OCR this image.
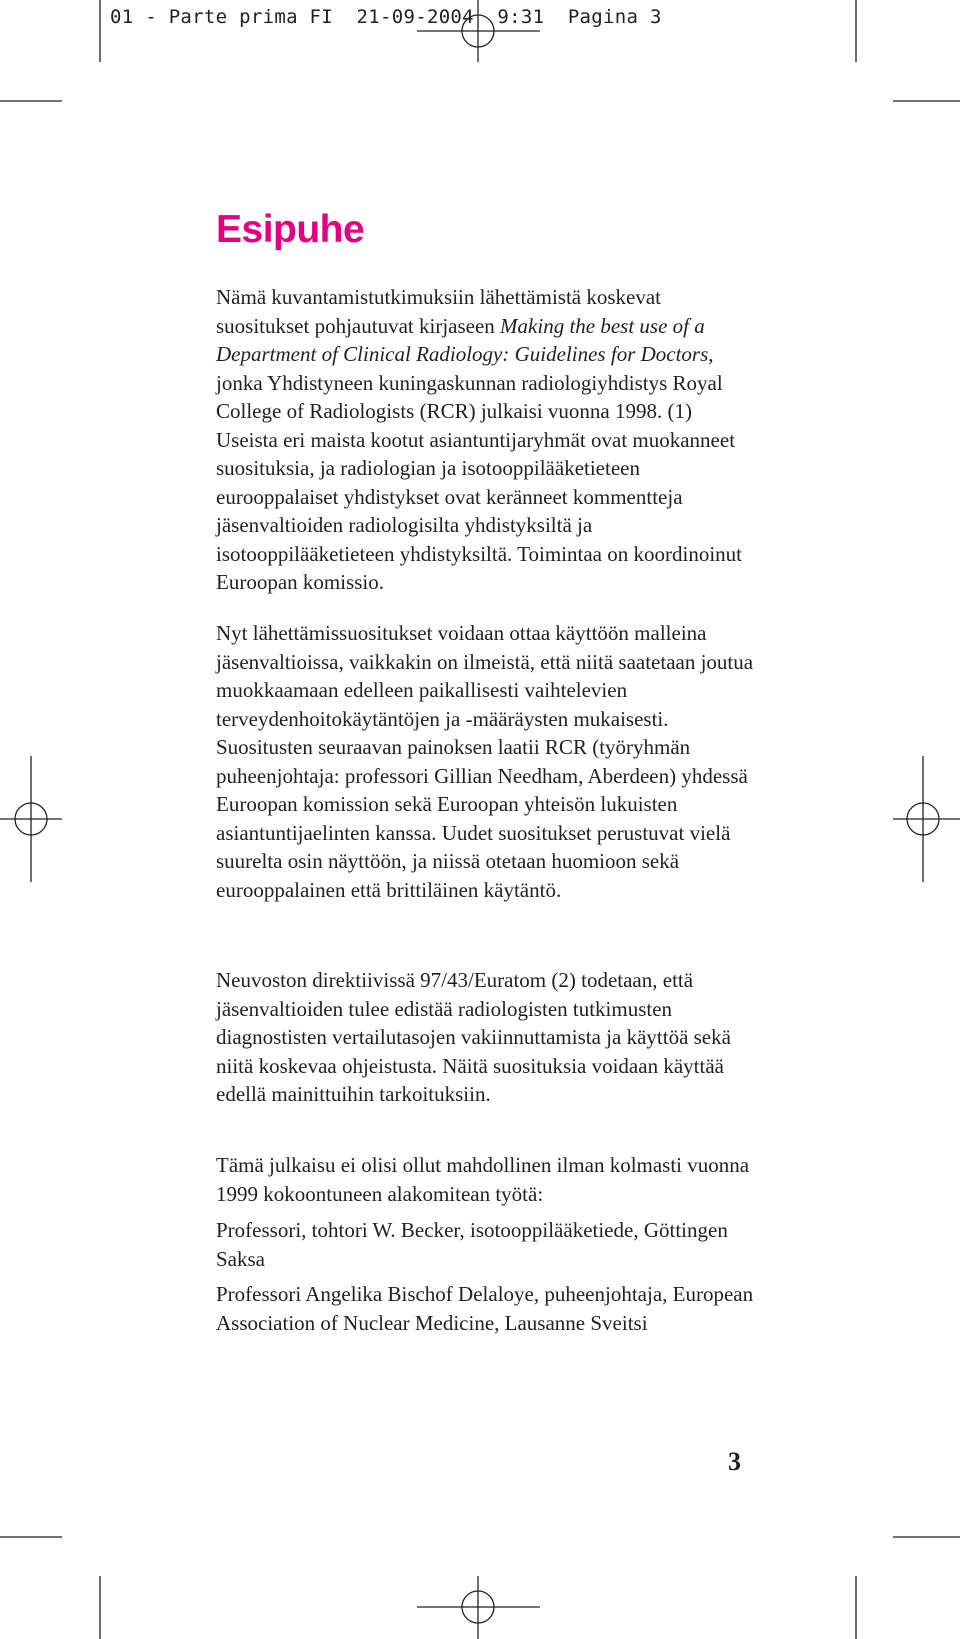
01 - Parte prima FI  21-09-2004  9:31  Pagina 3
Esipuhe

Nämä kuvantamistutkimuksiin lähettämistä koskevat suositukset pohjautuvat kirjaseen Making the best use of a Department of Clinical Radiology: Guidelines for Doctors, jonka Yhdistyneen kuningaskunnan radiologiyhdistys Royal College of Radiologists (RCR) julkaisi vuonna 1998. (1) Useista eri maista kootut asiantuntijaryhmät ovat muokanneet suosituksia, ja radiologian ja isotooppilääketieteen eurooppalaiset yhdistykset ovat keränneet kommentteja jäsenvaltioiden radiologisilta yhdistyksiltä ja isotooppilääketieteen yhdistyksiltä. Toimintaa on koordinoinut Euroopan komissio.

Nyt lähettämissuositukset voidaan ottaa käyttöön malleina jäsenvaltioissa, vaikkakin on ilmeistä, että niitä saatetaan joutua muokkaamaan edelleen paikallisesti vaihtelevien terveydenhoitokäytäntöjen ja -määräysten mukaisesti. Suositusten seuraavan painoksen laatii RCR (työryhmän puheenjohtaja: professori Gillian Needham, Aberdeen) yhdessä Euroopan komission sekä Euroopan yhteisön lukuisten asiantuntijaelinten kanssa. Uudet suositukset perustuvat vielä suurelta osin näyttöön, ja niissä otetaan huomioon sekä eurooppalainen että brittiläinen käytäntö.

Neuvoston direktiivissä 97/43/Euratom (2) todetaan, että jäsenvaltioiden tulee edistää radiologisten tutkimusten diagnostisten vertailutasojen vakiinnuttamista ja käyttöä sekä niitä koskevaa ohjeistusta. Näitä suosituksia voidaan käyttää edellä mainittuihin tarkoituksiin.

Tämä julkaisu ei olisi ollut mahdollinen ilman kolmasti vuonna 1999 kokoontuneen alakomitean työtä:

Professori, tohtori W. Becker, isotooppilääketiede, Göttingen Saksa

Professori Angelika Bischof Delaloye, puheenjohtaja, European Association of Nuclear Medicine, Lausanne Sveitsi

3
